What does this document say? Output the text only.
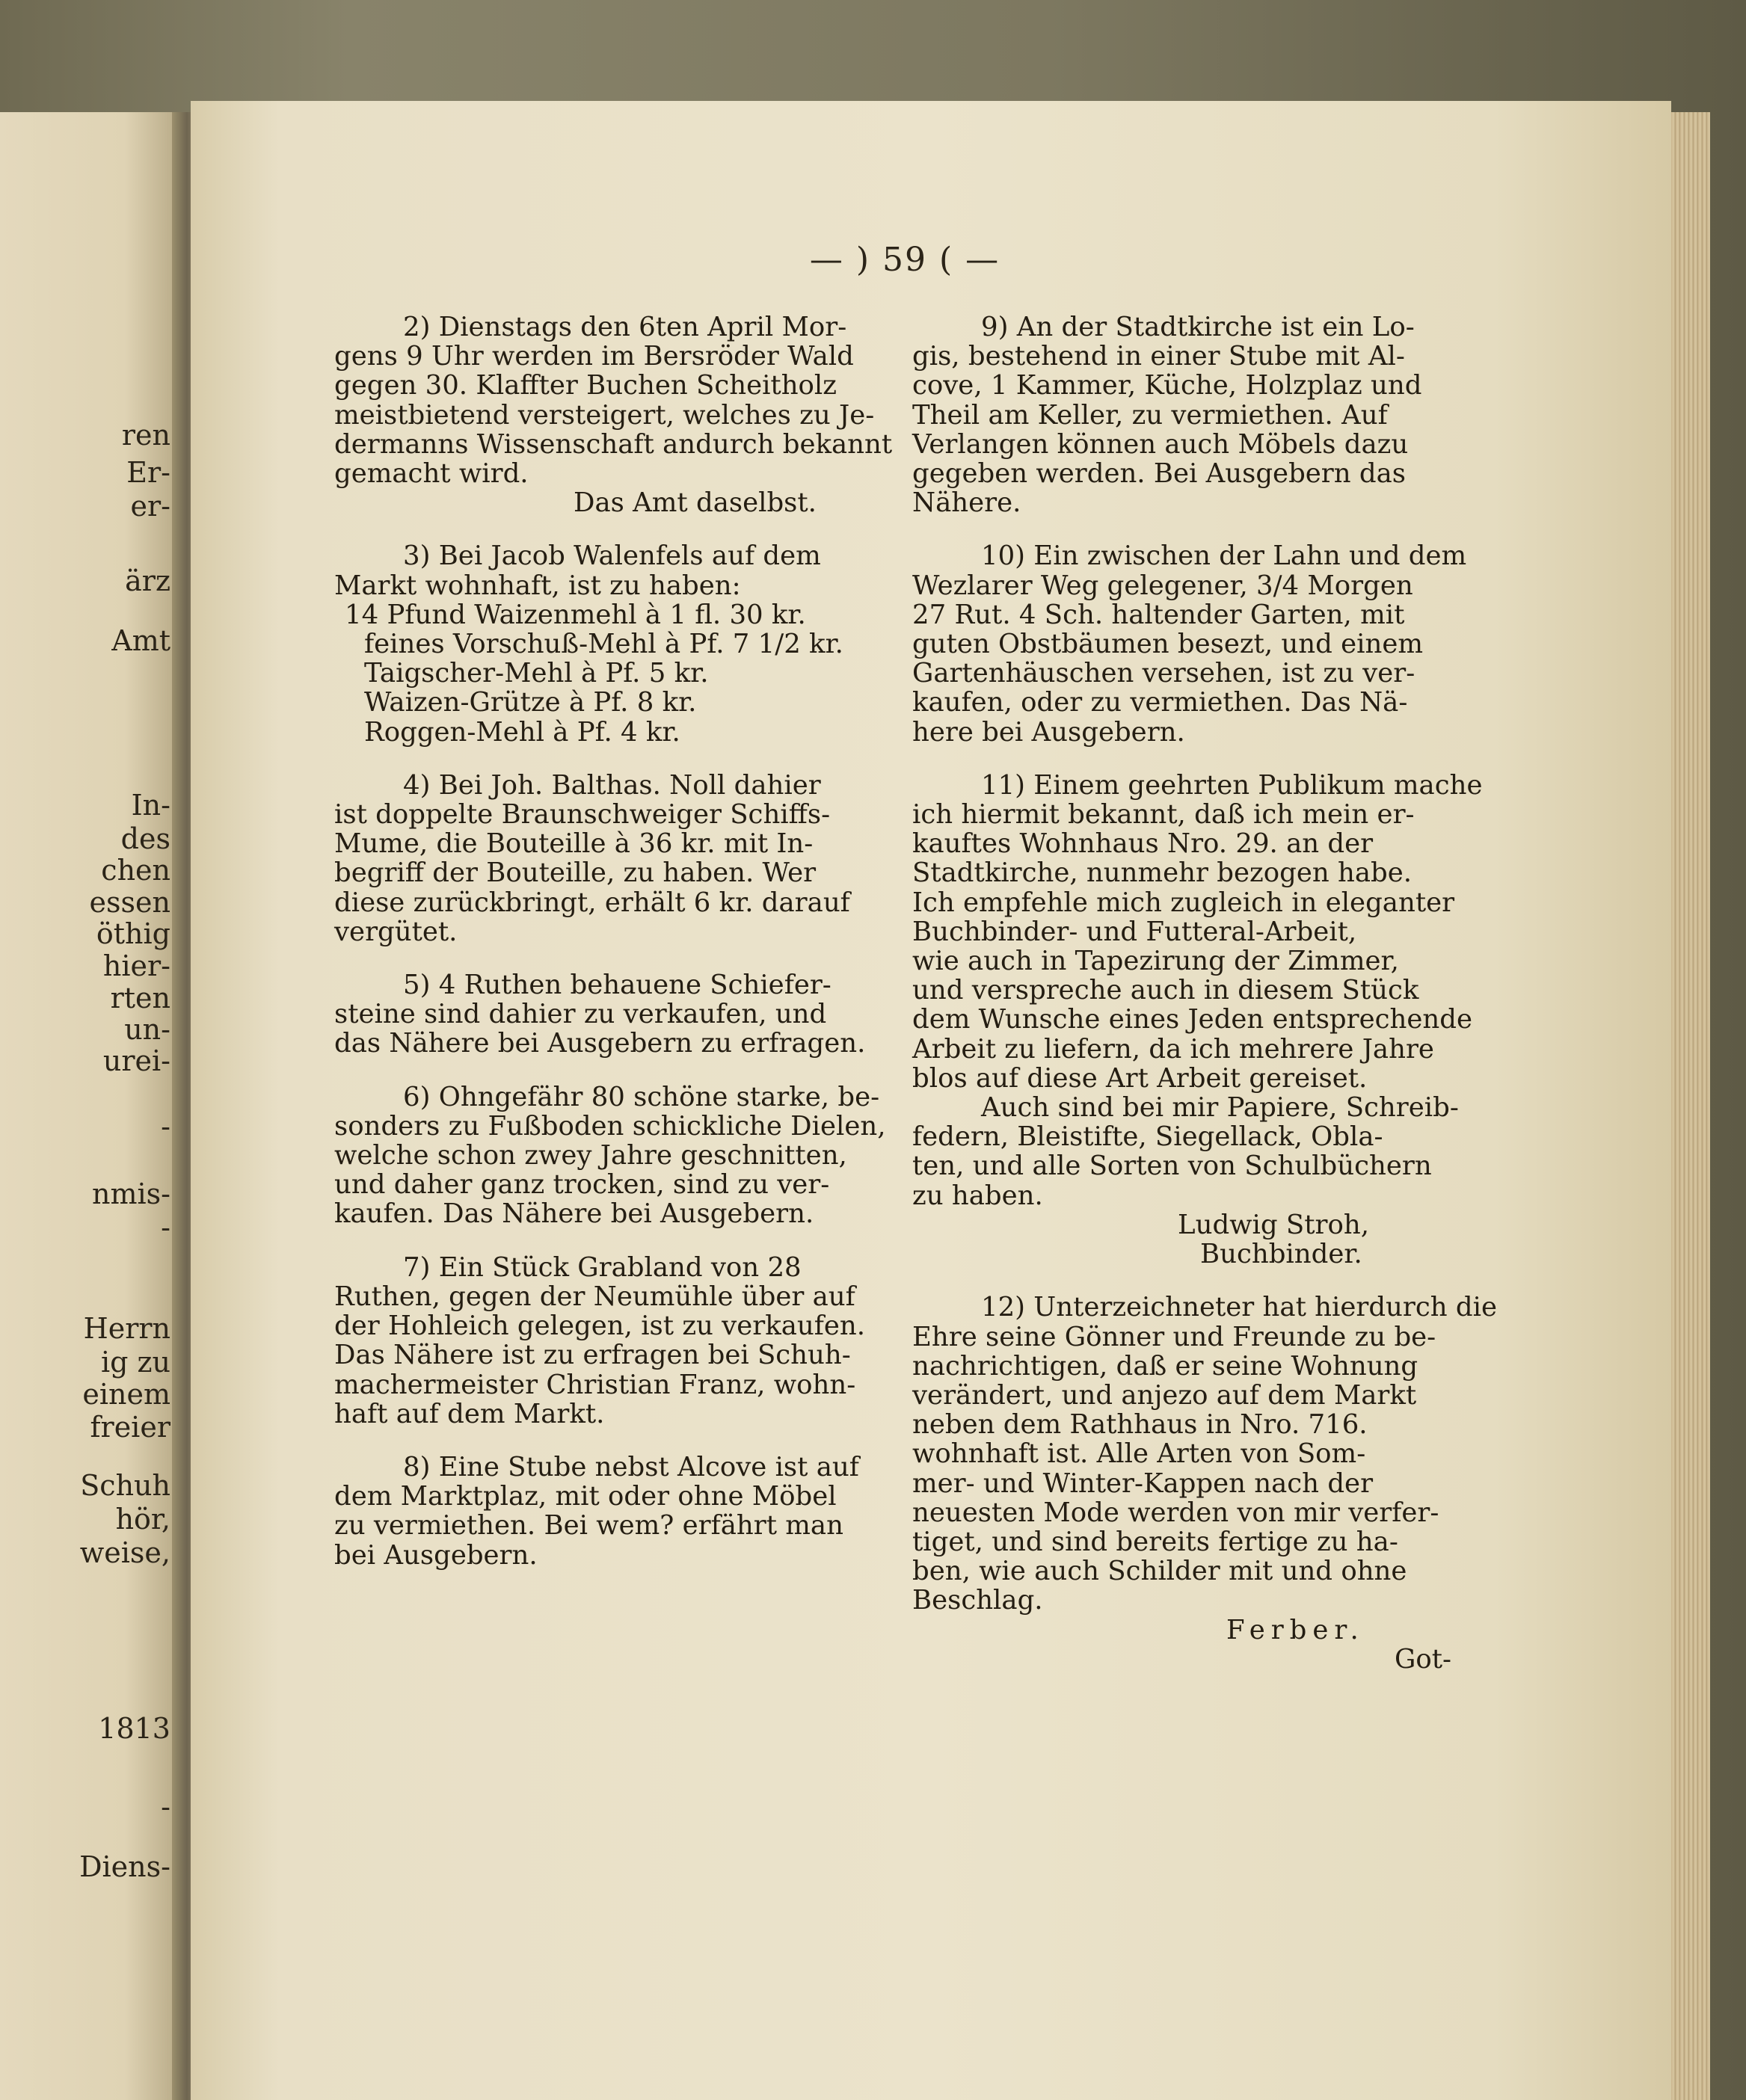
ren
Er-
er-
ärz
Amt
In-
des
chen
essen
öthig
hier-
rten
un-
urei-
-
nmis-
-
Herrn
ig zu
einem
freier
Schuh
hör,
weise,
1813
-
Diens-
— ) 59 ( —

2) Dienstags den 6ten April Mor-

gens 9 Uhr werden im Bersröder Wald

gegen 30. Klaffter Buchen Scheitholz

meistbietend versteigert, welches zu Je-

dermanns Wissenschaft andurch bekannt

gemacht wird.

Das Amt daselbst.

3) Bei Jacob Walenfels auf dem

Markt wohnhaft, ist zu haben:

14 Pfund Waizenmehl à 1 fl. 30 kr.

feines Vorschuß-Mehl à Pf. 7 1/2 kr.

Taigscher-Mehl à Pf. 5 kr.

Waizen-Grütze à Pf. 8 kr.

Roggen-Mehl à Pf. 4 kr.

4) Bei Joh. Balthas. Noll dahier

ist doppelte Braunschweiger Schiffs-

Mume, die Bouteille à 36 kr. mit In-

begriff der Bouteille, zu haben. Wer

diese zurückbringt, erhält 6 kr. darauf

vergütet.

5) 4 Ruthen behauene Schiefer-

steine sind dahier zu verkaufen, und

das Nähere bei Ausgebern zu erfragen.

6) Ohngefähr 80 schöne starke, be-

sonders zu Fußboden schickliche Dielen,

welche schon zwey Jahre geschnitten,

und daher ganz trocken, sind zu ver-

kaufen. Das Nähere bei Ausgebern.

7) Ein Stück Grabland von 28

Ruthen, gegen der Neumühle über auf

der Hohleich gelegen, ist zu verkaufen.

Das Nähere ist zu erfragen bei Schuh-

machermeister Christian Franz, wohn-

haft auf dem Markt.

8) Eine Stube nebst Alcove ist auf

dem Marktplaz, mit oder ohne Möbel

zu vermiethen. Bei wem? erfährt man

bei Ausgebern.

9) An der Stadtkirche ist ein Lo-

gis, bestehend in einer Stube mit Al-

cove, 1 Kammer, Küche, Holzplaz und

Theil am Keller, zu vermiethen. Auf

Verlangen können auch Möbels dazu

gegeben werden. Bei Ausgebern das

Nähere.

10) Ein zwischen der Lahn und dem

Wezlarer Weg gelegener, 3/4 Morgen

27 Rut. 4 Sch. haltender Garten, mit

guten Obstbäumen besezt, und einem

Gartenhäuschen versehen, ist zu ver-

kaufen, oder zu vermiethen. Das Nä-

here bei Ausgebern.

11) Einem geehrten Publikum mache

ich hiermit bekannt, daß ich mein er-

kauftes Wohnhaus Nro. 29. an der

Stadtkirche, nunmehr bezogen habe.

Ich empfehle mich zugleich in eleganter

Buchbinder- und Futteral-Arbeit,

wie auch in Tapezirung der Zimmer,

und verspreche auch in diesem Stück

dem Wunsche eines Jeden entsprechende

Arbeit zu liefern, da ich mehrere Jahre

blos auf diese Art Arbeit gereiset.

Auch sind bei mir Papiere, Schreib-

federn, Bleistifte, Siegellack, Obla-

ten, und alle Sorten von Schulbüchern

zu haben.

Ludwig Stroh,

Buchbinder.

12) Unterzeichneter hat hierdurch die

Ehre seine Gönner und Freunde zu be-

nachrichtigen, daß er seine Wohnung

verändert, und anjezo auf dem Markt

neben dem Rathhaus in Nro. 716.

wohnhaft ist. Alle Arten von Som-

mer- und Winter-Kappen nach der

neuesten Mode werden von mir verfer-

tiget, und sind bereits fertige zu ha-

ben, wie auch Schilder mit und ohne

Beschlag.

Ferber.

Got-
